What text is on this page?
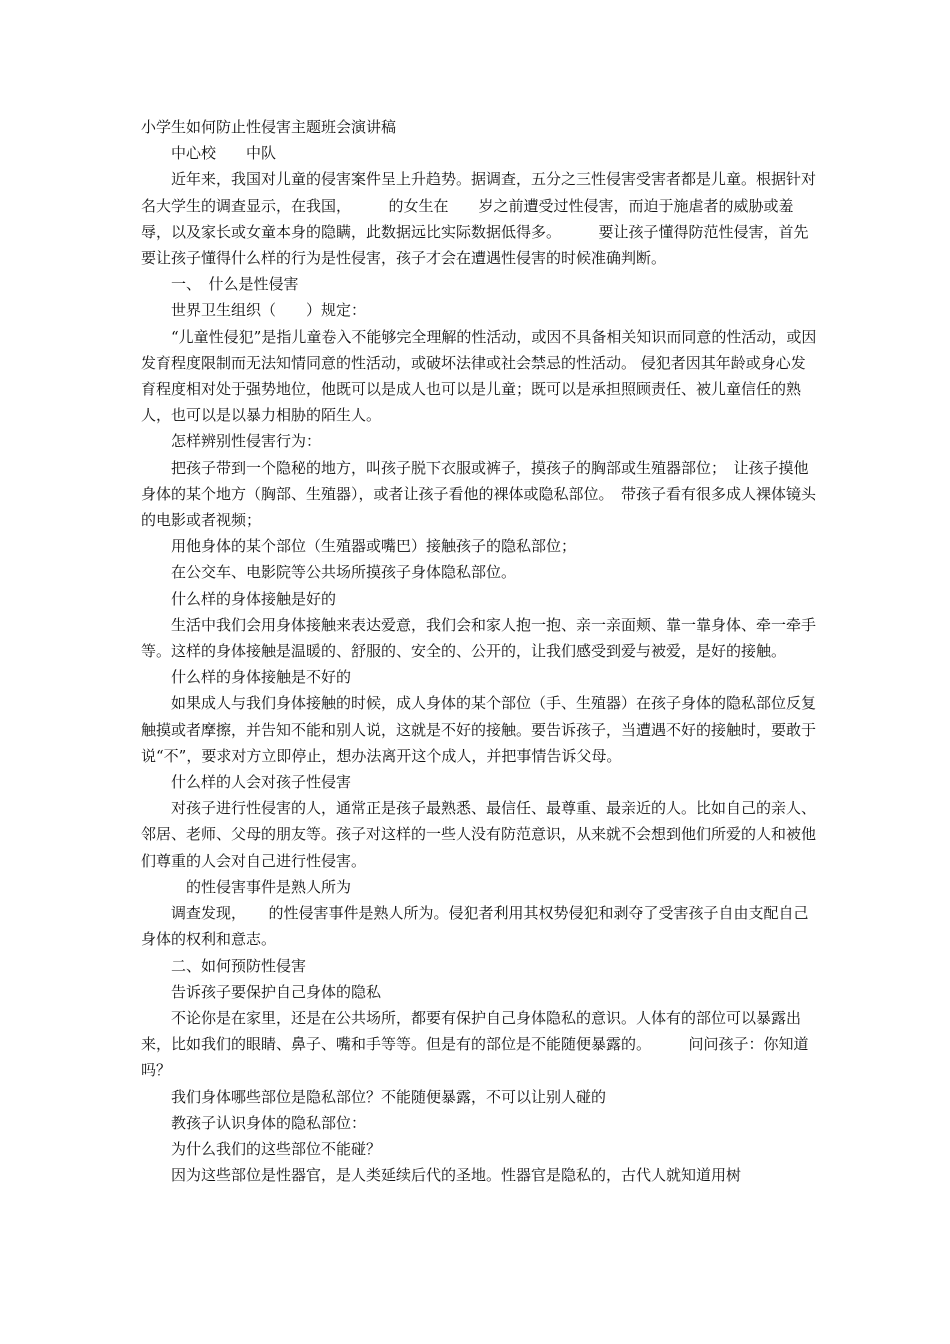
小学生如何防止性侵害主题班会演讲稿

中心校　　中队

近年来，我国对儿童的侵害案件呈上升趋势。据调查，五分之三性侵害受害者都是儿童。根据针对　　　名大学生的调查显示，在我国，　　　的女生在　　岁之前遭受过性侵害，而迫于施虐者的威胁或羞辱，以及家长或女童本身的隐瞒，此数据远比实际数据低得多。　　　要让孩子懂得防范性侵害，首先要让孩子懂得什么样的行为是性侵害，孩子才会在遭遇性侵害的时候准确判断。

一、　什么是性侵害

世界卫生组织（　　）规定：

“儿童性侵犯”是指儿童卷入不能够完全理解的性活动，或因不具备相关知识而同意的性活动，或因发育程度限制而无法知情同意的性活动，或破坏法律或社会禁忌的性活动。 侵犯者因其年龄或身心发育程度相对处于强势地位，他既可以是成人也可以是儿童；既可以是承担照顾责任、被儿童信任的熟人，也可以是以暴力相胁的陌生人。

怎样辨别性侵害行为：

把孩子带到一个隐秘的地方，叫孩子脱下衣服或裤子，摸孩子的胸部或生殖器部位；　让孩子摸他身体的某个地方（胸部、生殖器），或者让孩子看他的裸体或隐私部位。　带孩子看有很多成人裸体镜头的电影或者视频；

用他身体的某个部位（生殖器或嘴巴）接触孩子的隐私部位；

在公交车、电影院等公共场所摸孩子身体隐私部位。

什么样的身体接触是好的

生活中我们会用身体接触来表达爱意，我们会和家人抱一抱、亲一亲面颊、靠一靠身体、牵一牵手等。这样的身体接触是温暖的、舒服的、安全的、公开的，让我们感受到爱与被爱，是好的接触。

什么样的身体接触是不好的

如果成人与我们身体接触的时候，成人身体的某个部位（手、生殖器）在孩子身体的隐私部位反复触摸或者摩擦，并告知不能和别人说，这就是不好的接触。要告诉孩子，当遭遇不好的接触时，要敢于说“不”，要求对方立即停止，想办法离开这个成人，并把事情告诉父母。

什么样的人会对孩子性侵害

对孩子进行性侵害的人，通常正是孩子最熟悉、最信任、最尊重、最亲近的人。比如自己的亲人、邻居、老师、父母的朋友等。孩子对这样的一些人没有防范意识，从来就不会想到他们所爱的人和被他们尊重的人会对自己进行性侵害。

　的性侵害事件是熟人所为

调查发现，　　的性侵害事件是熟人所为。侵犯者利用其权势侵犯和剥夺了受害孩子自由支配自己身体的权利和意志。

二、如何预防性侵害

告诉孩子要保护自己身体的隐私

不论你是在家里，还是在公共场所，都要有保护自己身体隐私的意识。人体有的部位可以暴露出来，比如我们的眼睛、鼻子、嘴和手等等。但是有的部位是不能随便暴露的。　　　问问孩子：你知道吗？

我们身体哪些部位是隐私部位？不能随便暴露，不可以让别人碰的

教孩子认识身体的隐私部位：

为什么我们的这些部位不能碰？

因为这些部位是性器官，是人类延续后代的圣地。性器官是隐私的，古代人就知道用树
